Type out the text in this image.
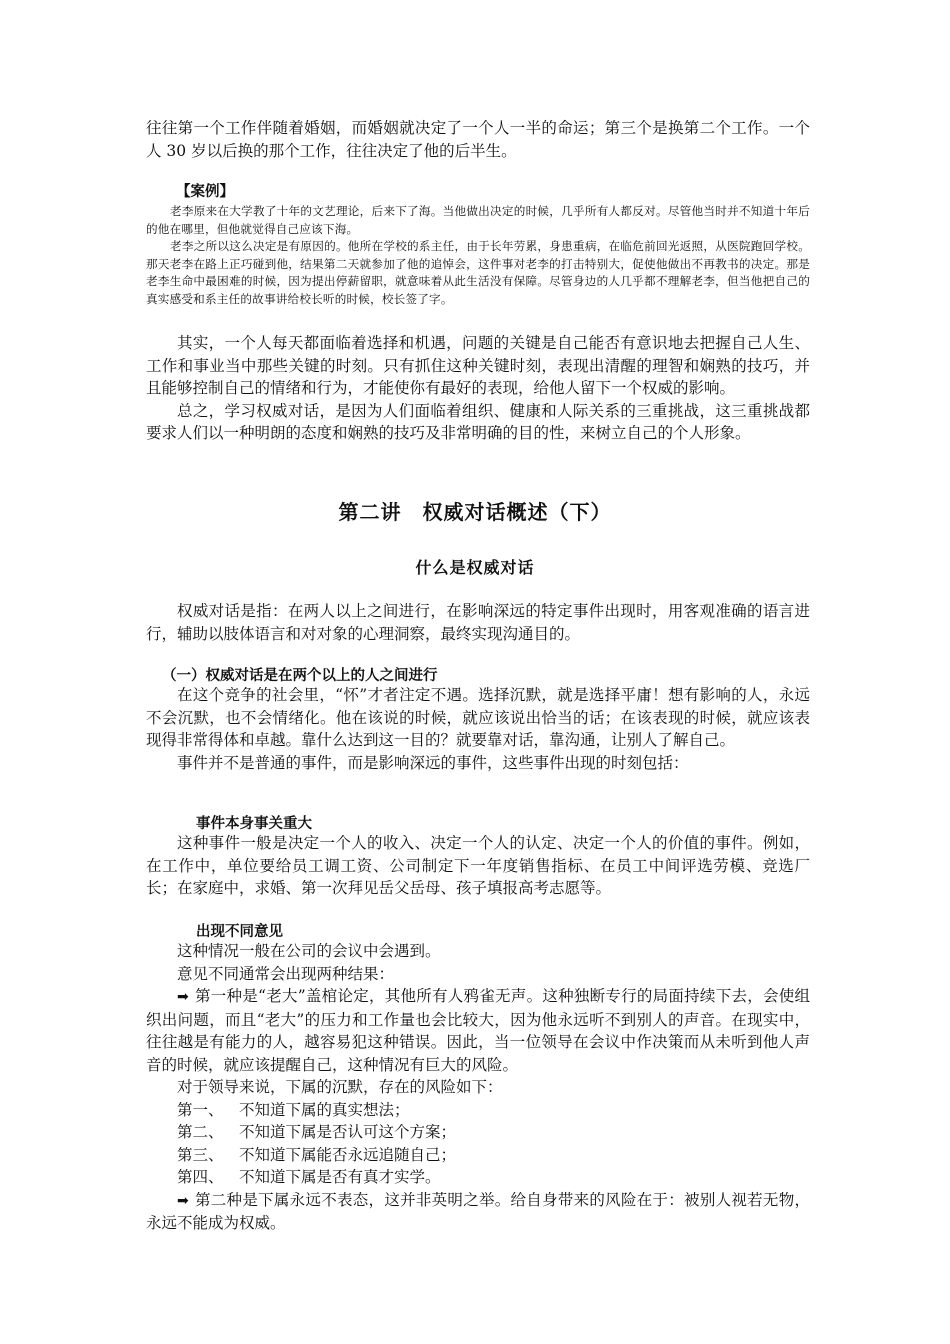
往往第一个工作伴随着婚姻，而婚姻就决定了一个人一半的命运；第三个是换第二个工作。一个人 30 岁以后换的那个工作，往往决定了他的后半生。

【案例】

老李原来在大学教了十年的文艺理论，后来下了海。当他做出决定的时候，几乎所有人都反对。尽管他当时并不知道十年后的他在哪里，但他就觉得自己应该下海。

老李之所以这么决定是有原因的。他所在学校的系主任，由于长年劳累，身患重病，在临危前回光返照，从医院跑回学校。那天老李在路上正巧碰到他，结果第二天就参加了他的追悼会，这件事对老李的打击特别大，促使他做出不再教书的决定。那是老李生命中最困难的时候，因为提出停薪留职，就意味着从此生活没有保障。尽管身边的人几乎都不理解老李，但当他把自己的真实感受和系主任的故事讲给校长听的时候，校长签了字。

其实，一个人每天都面临着选择和机遇，问题的关键是自己能否有意识地去把握自己人生、工作和事业当中那些关键的时刻。只有抓住这种关键时刻，表现出清醒的理智和娴熟的技巧，并且能够控制自己的情绪和行为，才能使你有最好的表现，给他人留下一个权威的影响。

总之，学习权威对话，是因为人们面临着组织、健康和人际关系的三重挑战，这三重挑战都要求人们以一种明朗的态度和娴熟的技巧及非常明确的目的性，来树立自己的个人形象。

第二讲　权威对话概述（下）
什么是权威对话

权威对话是指：在两人以上之间进行，在影响深远的特定事件出现时，用客观准确的语言进行，辅助以肢体语言和对对象的心理洞察，最终实现沟通目的。

（一）权威对话是在两个以上的人之间进行

在这个竞争的社会里，“怀”才者注定不遇。选择沉默，就是选择平庸！想有影响的人，永远不会沉默，也不会情绪化。他在该说的时候，就应该说出恰当的话；在该表现的时候，就应该表现得非常得体和卓越。靠什么达到这一目的？就要靠对话，靠沟通，让别人了解自己。

事件并不是普通的事件，而是影响深远的事件，这些事件出现的时刻包括：

事件本身事关重大

这种事件一般是决定一个人的收入、决定一个人的认定、决定一个人的价值的事件。例如，在工作中，单位要给员工调工资、公司制定下一年度销售指标、在员工中间评选劳模、竞选厂长；在家庭中，求婚、第一次拜见岳父岳母、孩子填报高考志愿等。

出现不同意见

这种情况一般在公司的会议中会遇到。

意见不同通常会出现两种结果：

➡ 第一种是“老大”盖棺论定，其他所有人鸦雀无声。这种独断专行的局面持续下去，会使组织出问题，而且“老大”的压力和工作量也会比较大，因为他永远听不到别人的声音。在现实中，往往越是有能力的人，越容易犯这种错误。因此，当一位领导在会议中作决策而从未听到他人声音的时候，就应该提醒自己，这种情况有巨大的风险。

对于领导来说，下属的沉默，存在的风险如下：

第一、 不知道下属的真实想法；
第二、 不知道下属是否认可这个方案；
第三、 不知道下属能否永远追随自己；
第四、 不知道下属是否有真才实学。

➡ 第二种是下属永远不表态，这并非英明之举。给自身带来的风险在于：被别人视若无物，永远不能成为权威。
